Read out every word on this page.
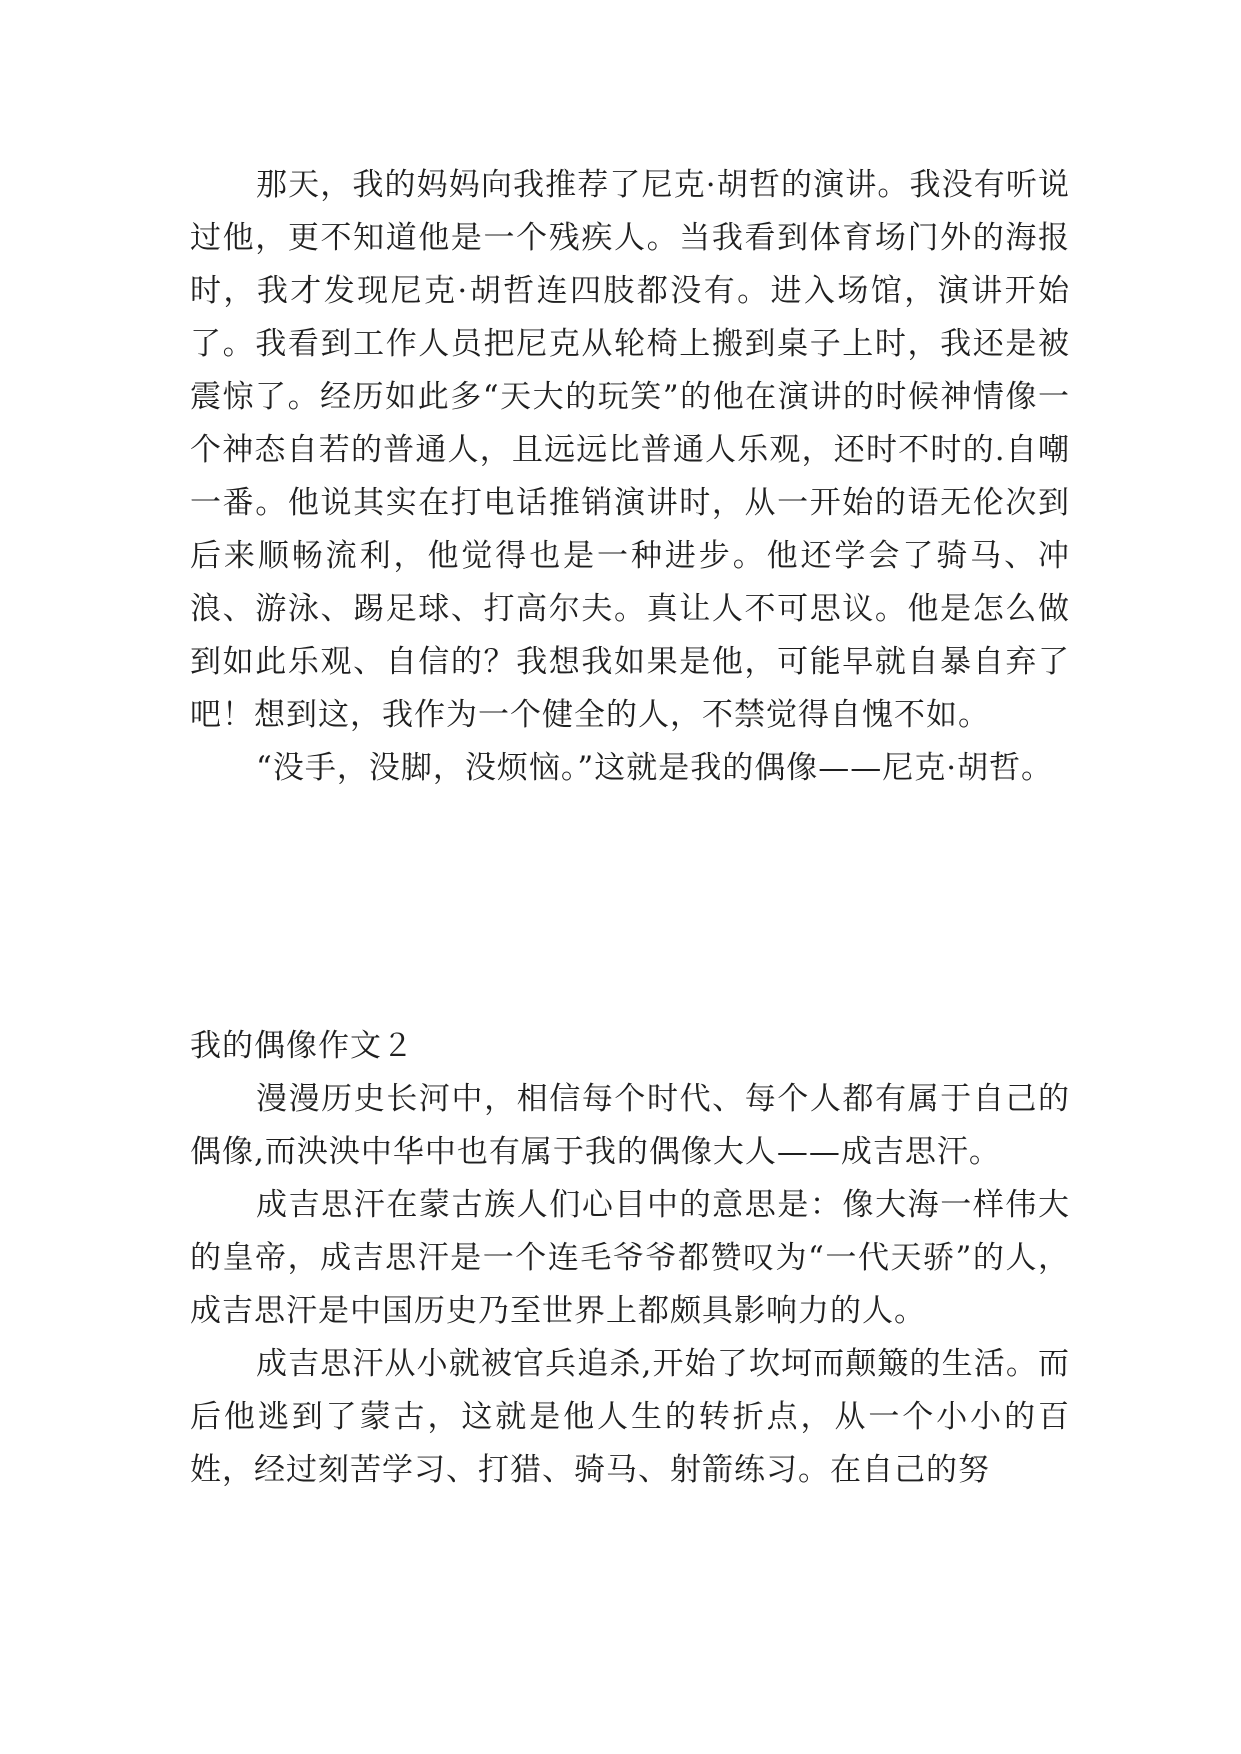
那天，我的妈妈向我推荐了尼克·胡哲的演讲。我没有听说过他，更不知道他是一个残疾人。当我看到体育场门外的海报时，我才发现尼克·胡哲连四肢都没有。进入场馆，演讲开始了。我看到工作人员把尼克从轮椅上搬到桌子上时，我还是被震惊了。经历如此多“天大的玩笑”的他在演讲的时候神情像一个神态自若的普通人，且远远比普通人乐观，还时不时的.自嘲一番。他说其实在打电话推销演讲时，从一开始的语无伦次到后来顺畅流利，他觉得也是一种进步。他还学会了骑马、冲浪、游泳、踢足球、打高尔夫。真让人不可思议。他是怎么做到如此乐观、自信的？我想我如果是他，可能早就自暴自弃了吧！想到这，我作为一个健全的人，不禁觉得自愧不如。

“没手，没脚，没烦恼。”这就是我的偶像——尼克·胡哲。

我的偶像作文２

漫漫历史长河中，相信每个时代、每个人都有属于自己的偶像,而泱泱中华中也有属于我的偶像大人——成吉思汗。

成吉思汗在蒙古族人们心目中的意思是：像大海一样伟大的皇帝，成吉思汗是一个连毛爷爷都赞叹为“一代天骄”的人，成吉思汗是中国历史乃至世界上都颇具影响力的人。

成吉思汗从小就被官兵追杀,开始了坎坷而颠簸的生活。而后他逃到了蒙古，这就是他人生的转折点，从一个小小的百姓，经过刻苦学习、打猎、骑马、射箭练习。在自己的努
